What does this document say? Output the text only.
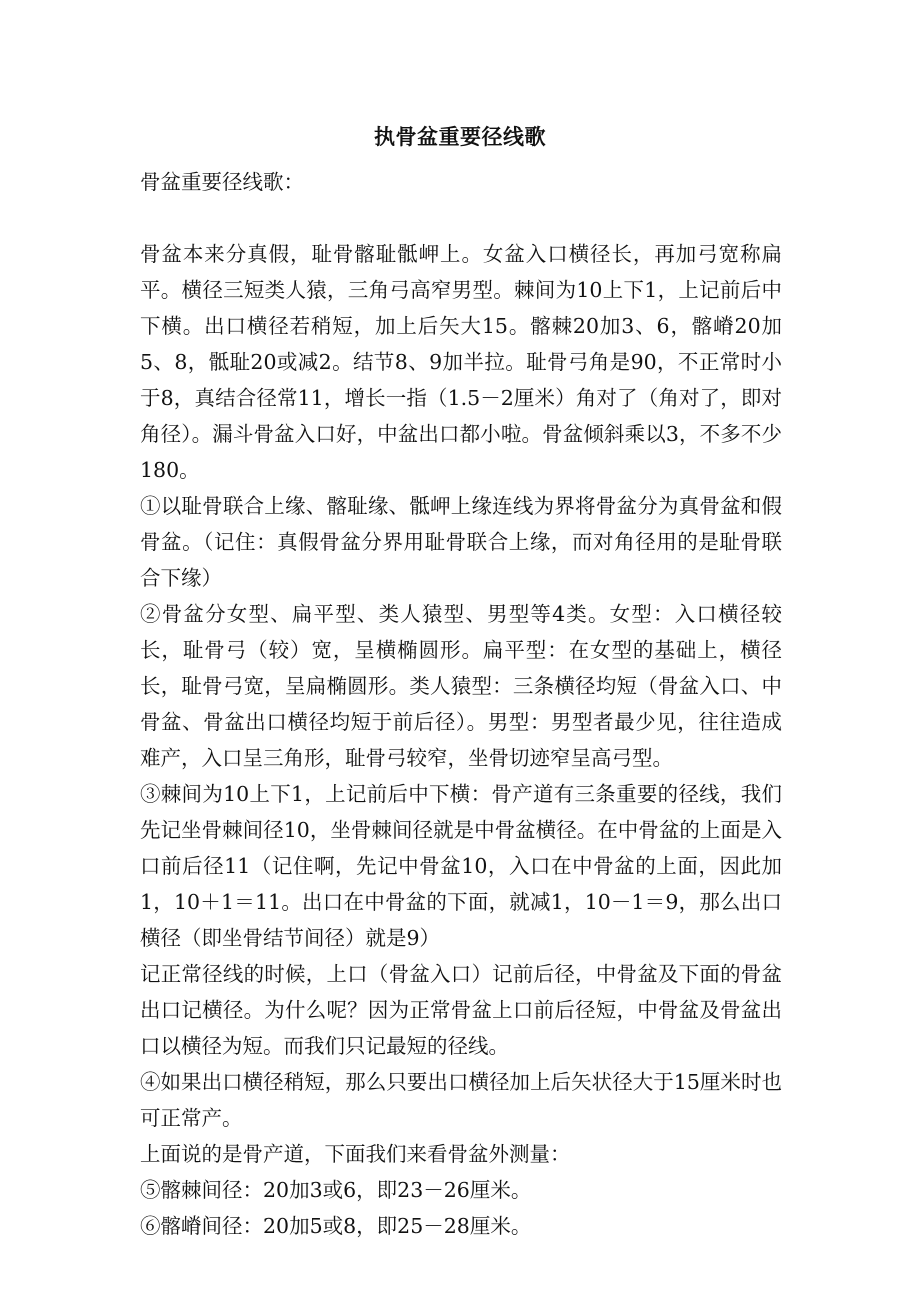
执骨盆重要径线歌

骨盆重要径线歌：

骨盆本来分真假，耻骨髂耻骶岬上。女盆入口横径长，再加弓宽称扁平。横径三短类人猿，三角弓高窄男型。棘间为10上下1，上记前后中下横。出口横径若稍短，加上后矢大15。髂棘20加3、6，髂嵴20加5、8，骶耻20或减2。结节8、9加半拉。耻骨弓角是90，不正常时小于8，真结合径常11，增长一指（1.5－2厘米）角对了（角对了，即对角径）。漏斗骨盆入口好，中盆出口都小啦。骨盆倾斜乘以3，不多不少180。

①以耻骨联合上缘、髂耻缘、骶岬上缘连线为界将骨盆分为真骨盆和假骨盆。（记住：真假骨盆分界用耻骨联合上缘，而对角径用的是耻骨联合下缘）

②骨盆分女型、扁平型、类人猿型、男型等4类。女型：入口横径较长，耻骨弓（较）宽，呈横椭圆形。扁平型：在女型的基础上，横径长，耻骨弓宽，呈扁椭圆形。类人猿型：三条横径均短（骨盆入口、中骨盆、骨盆出口横径均短于前后径）。男型：男型者最少见，往往造成难产，入口呈三角形，耻骨弓较窄，坐骨切迹窄呈高弓型。

③棘间为10上下1，上记前后中下横：骨产道有三条重要的径线，我们先记坐骨棘间径10，坐骨棘间径就是中骨盆横径。在中骨盆的上面是入口前后径11（记住啊，先记中骨盆10，入口在中骨盆的上面，因此加1，10＋1＝11。出口在中骨盆的下面，就减1，10－1＝9，那么出口横径（即坐骨结节间径）就是9）

记正常径线的时候，上口（骨盆入口）记前后径，中骨盆及下面的骨盆出口记横径。为什么呢？因为正常骨盆上口前后径短，中骨盆及骨盆出口以横径为短。而我们只记最短的径线。

④如果出口横径稍短，那么只要出口横径加上后矢状径大于15厘米时也可正常产。

上面说的是骨产道，下面我们来看骨盆外测量：

⑤髂棘间径：20加3或6，即23－26厘米。

⑥髂嵴间径：20加5或8，即25－28厘米。
